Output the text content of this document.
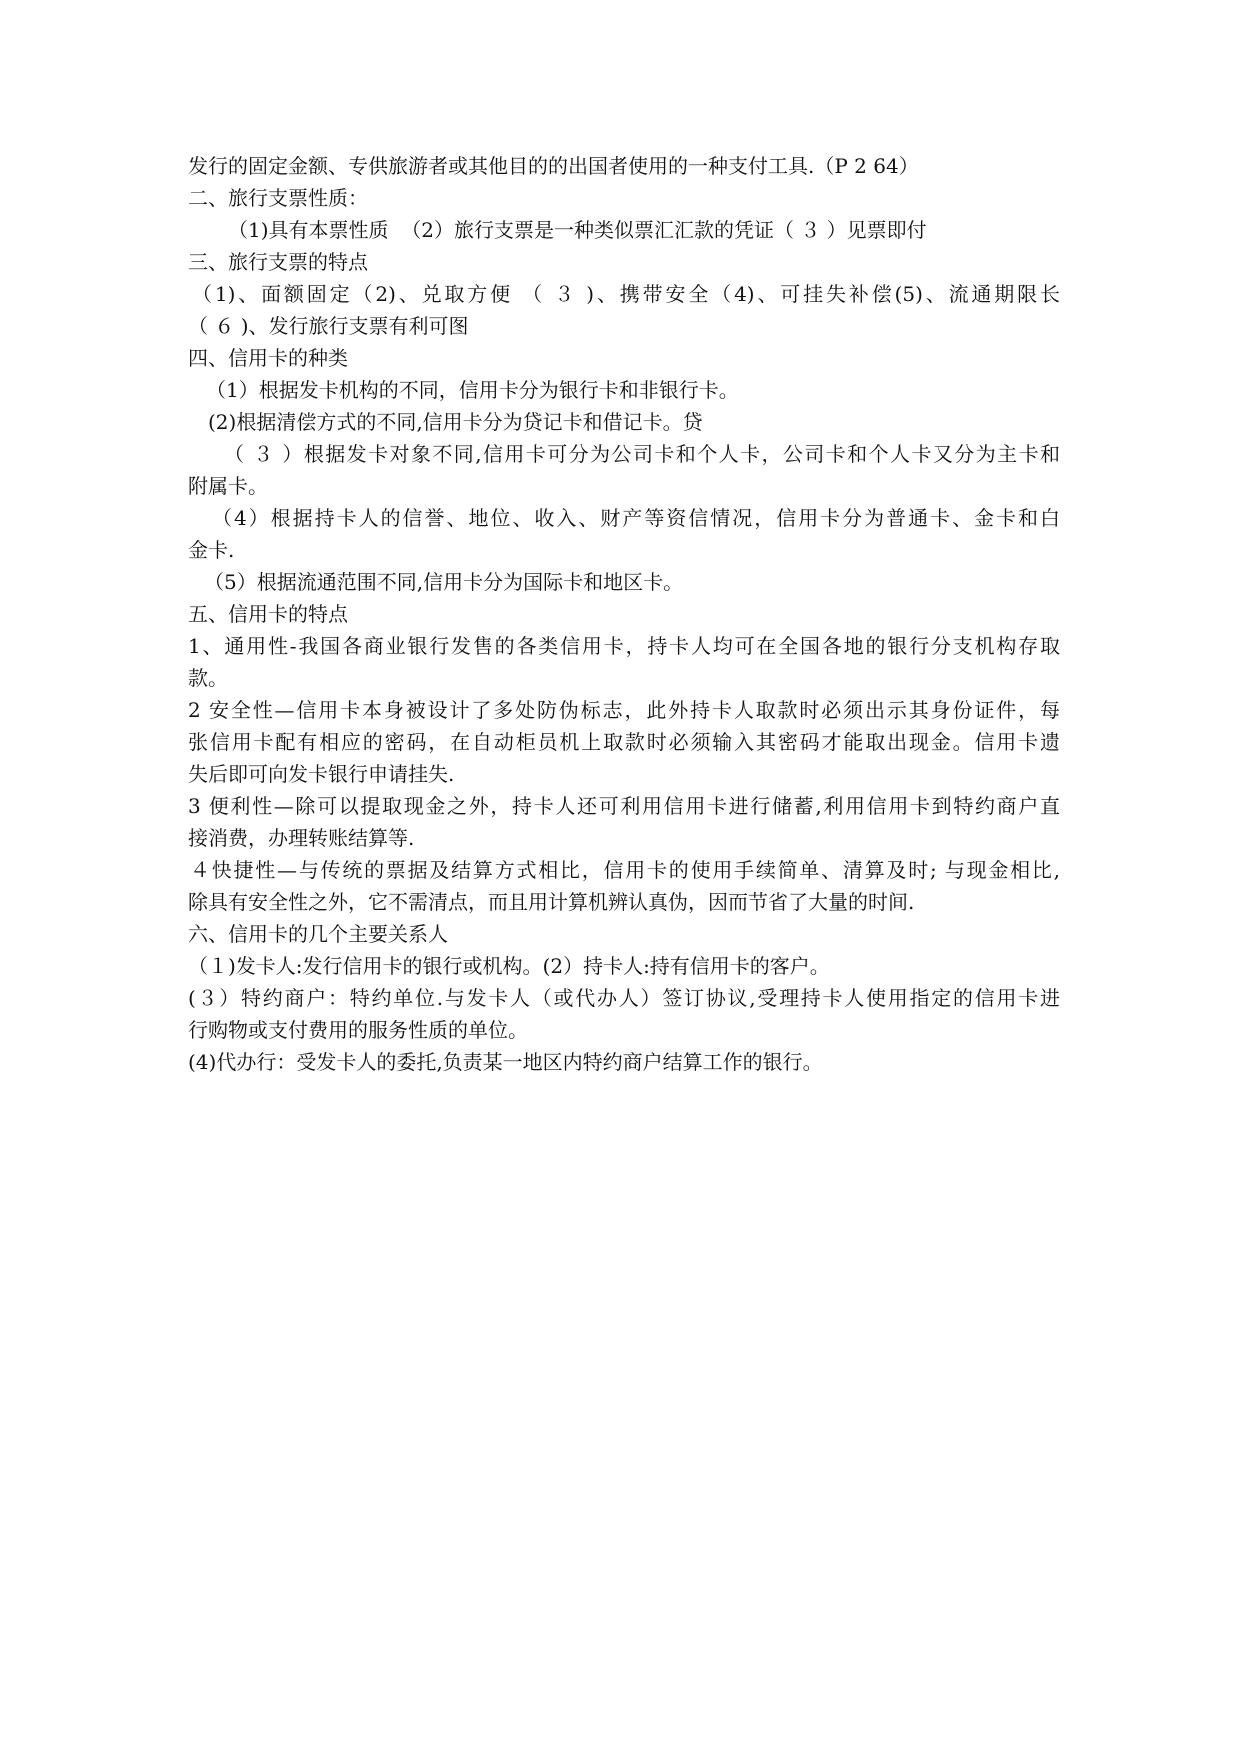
发行的固定金额、专供旅游者或其他目的的出国者使用的一种支付工具.（P 2 64）
二、旅行支票性质：
（1)具有本票性质  （2）旅行支票是一种类似票汇汇款的凭证（ ３ ）见票即付
三、旅行支票的特点
（1)、面额固定（2)、兑取方便 （ ３ )、携带安全（4)、可挂失补偿(5)、流通期限长
（ ６ )、发行旅行支票有利可图
四、信用卡的种类
（1）根据发卡机构的不同，信用卡分为银行卡和非银行卡。
(2)根据清偿方式的不同,信用卡分为贷记卡和借记卡。贷
（ ３ ）根据发卡对象不同,信用卡可分为公司卡和个人卡，公司卡和个人卡又分为主卡和
附属卡。
（4）根据持卡人的信誉、地位、收入、财产等资信情况，信用卡分为普通卡、金卡和白
金卡.
（5）根据流通范围不同,信用卡分为国际卡和地区卡。
五、信用卡的特点
1、通用性-我国各商业银行发售的各类信用卡，持卡人均可在全国各地的银行分支机构存取
款。
2 安全性—信用卡本身被设计了多处防伪标志，此外持卡人取款时必须出示其身份证件，每
张信用卡配有相应的密码，在自动柜员机上取款时必须输入其密码才能取出现金。信用卡遗
失后即可向发卡银行申请挂失.
3 便利性—除可以提取现金之外，持卡人还可利用信用卡进行储蓄,利用信用卡到特约商户直
接消费，办理转账结算等.
４快捷性—与传统的票据及结算方式相比，信用卡的使用手续简单、清算及时; 与现金相比,
除具有安全性之外，它不需清点，而且用计算机辨认真伪，因而节省了大量的时间.
六、信用卡的几个主要关系人
（１)发卡人:发行信用卡的银行或机构。(2）持卡人:持有信用卡的客户。
(３）特约商户：特约单位.与发卡人（或代办人）签订协议,受理持卡人使用指定的信用卡进
行购物或支付费用的服务性质的单位。
(4)代办行：受发卡人的委托,负责某一地区内特约商户结算工作的银行。
